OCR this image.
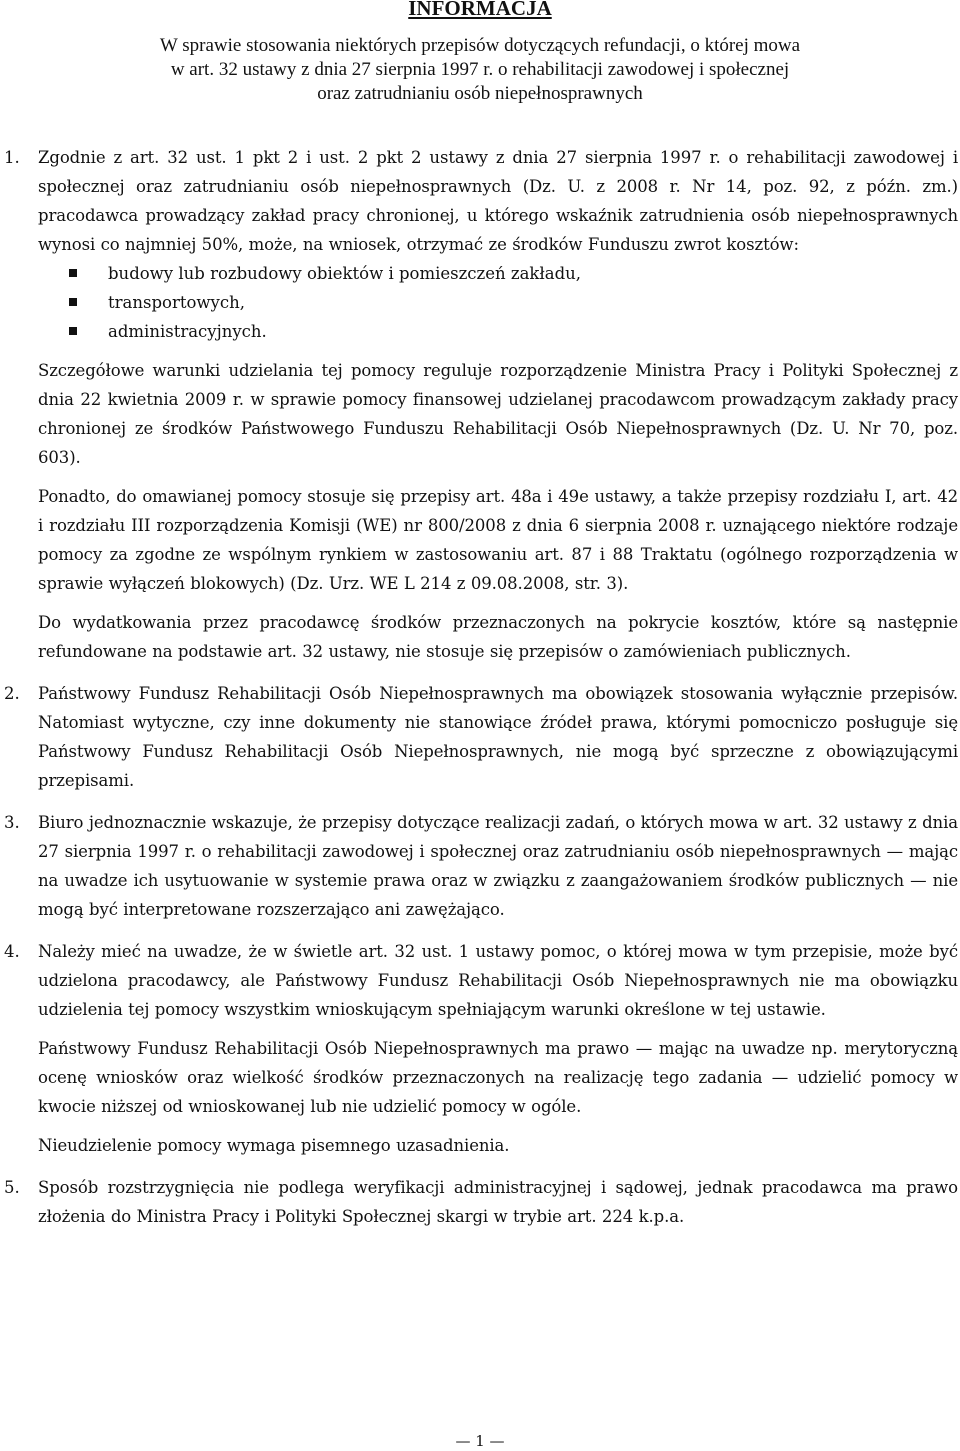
INFORMACJA
W sprawie stosowania niektórych przepisów dotyczących refundacji, o której mowa
w art. 32 ustawy z dnia 27 sierpnia 1997 r. o rehabilitacji zawodowej i społecznej
oraz zatrudnianiu osób niepełnosprawnych
1. Zgodnie z art. 32 ust. 1 pkt 2 i ust. 2 pkt 2 ustawy z dnia 27 sierpnia 1997 r. o rehabilitacji zawodowej i społecznej oraz zatrudnianiu osób niepełnosprawnych (Dz. U. z 2008 r. Nr 14, poz. 92, z późn. zm.) pracodawca prowadzący zakład pracy chronionej, u którego wskaźnik zatrudnienia osób niepełnosprawnych wynosi co najmniej 50%, może, na wniosek, otrzymać ze środków Funduszu zwrot kosztów:

budowy lub rozbudowy obiektów i pomieszczeń zakładu,
transportowych,
administracyjnych.

Szczegółowe warunki udzielania tej pomocy reguluje rozporządzenie Ministra Pracy i Polityki Społecznej z dnia 22 kwietnia 2009 r. w sprawie pomocy finansowej udzielanej pracodawcom prowadzącym zakłady pracy chronionej ze środków Państwowego Funduszu Rehabilitacji Osób Niepełnosprawnych (Dz. U. Nr 70, poz. 603).

Ponadto, do omawianej pomocy stosuje się przepisy art. 48a i 49e ustawy, a także przepisy rozdziału I, art. 42 i rozdziału III rozporządzenia Komisji (WE) nr 800/2008 z dnia 6 sierpnia 2008 r. uznającego niektóre rodzaje pomocy za zgodne ze wspólnym rynkiem w zastosowaniu art. 87 i 88 Traktatu (ogólnego rozporządzenia w sprawie wyłączeń blokowych) (Dz. Urz. WE L 214 z 09.08.2008, str. 3).

Do wydatkowania przez pracodawcę środków przeznaczonych na pokrycie kosztów, które są następnie refundowane na podstawie art. 32 ustawy, nie stosuje się przepisów o zamówieniach publicznych.

2. Państwowy Fundusz Rehabilitacji Osób Niepełnosprawnych ma obowiązek stosowania wyłącznie przepisów. Natomiast wytyczne, czy inne dokumenty nie stanowiące źródeł prawa, którymi pomocniczo posługuje się Państwowy Fundusz Rehabilitacji Osób Niepełnosprawnych, nie mogą być sprzeczne z obowiązującymi przepisami.

3. Biuro jednoznacznie wskazuje, że przepisy dotyczące realizacji zadań, o których mowa w art. 32 ustawy z dnia 27 sierpnia 1997 r. o rehabilitacji zawodowej i społecznej oraz zatrudnianiu osób niepełnosprawnych — mając na uwadze ich usytuowanie w systemie prawa oraz w związku z zaangażowaniem środków publicznych — nie mogą być interpretowane rozszerzająco ani zawężająco.

4. Należy mieć na uwadze, że w świetle art. 32 ust. 1 ustawy pomoc, o której mowa w tym przepisie, może być udzielona pracodawcy, ale Państwowy Fundusz Rehabilitacji Osób Niepełnosprawnych nie ma obowiązku udzielenia tej pomocy wszystkim wnioskującym spełniającym warunki określone w tej ustawie.

Państwowy Fundusz Rehabilitacji Osób Niepełnosprawnych ma prawo — mając na uwadze np. merytoryczną ocenę wniosków oraz wielkość środków przeznaczonych na realizację tego zadania — udzielić pomocy w kwocie niższej od wnioskowanej lub nie udzielić pomocy w ogóle.

Nieudzielenie pomocy wymaga pisemnego uzasadnienia.

5. Sposób rozstrzygnięcia nie podlega weryfikacji administracyjnej i sądowej, jednak pracodawca ma prawo złożenia do Ministra Pracy i Polityki Społecznej skargi w trybie art. 224 k.p.a.

— 1 —
